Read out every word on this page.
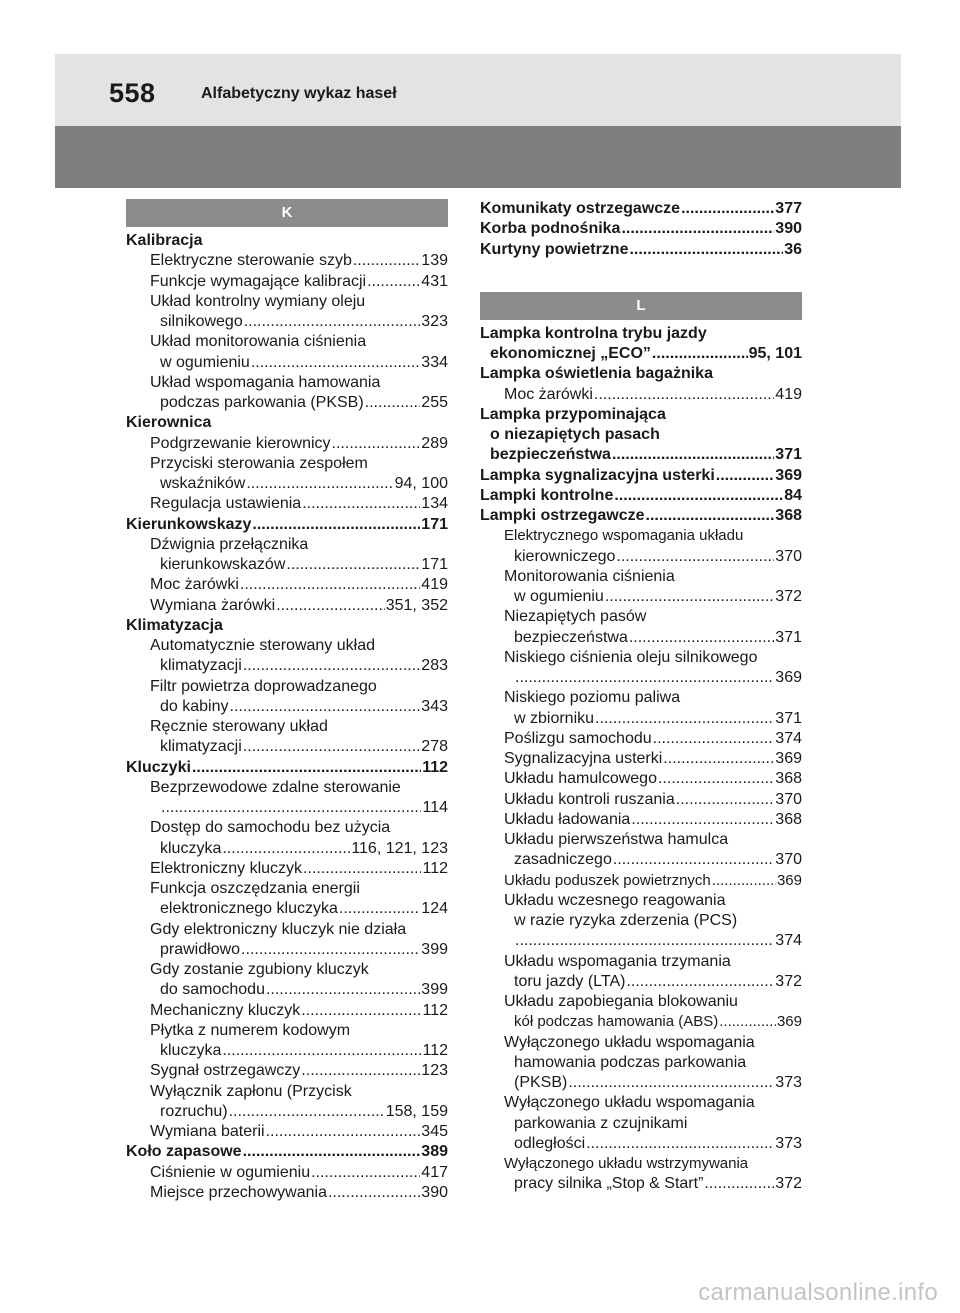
558	Alfabetyczny wykaz haseł
K
Kalibracja
Elektryczne sterowanie szyb .....	139
Funkcje wymagające kalibracji .....	431
Układ kontrolny wymiany oleju
silnikowego .....	323
Układ monitorowania ciśnienia
w ogumieniu .....	334
Układ wspomagania hamowania
podczas parkowania (PKSB) .....	255
Kierownica
Podgrzewanie kierownicy .....	289
Przyciski sterowania zespołem
wskaźników .....	94, 100
Regulacja ustawienia .....	134
Kierunkowskazy .....	171
Dźwignia przełącznika
kierunkowskazów .....	171
Moc żarówki .....	419
Wymiana żarówki .....	351, 352
Klimatyzacja
Automatycznie sterowany układ
klimatyzacji .....	283
Filtr powietrza doprowadzanego
do kabiny .....	343
Ręcznie sterowany układ
klimatyzacji .....	278
Kluczyki .....	112
Bezprzewodowe zdalne sterowanie
.....
114
Dostęp do samochodu bez użycia
kluczyka .....	116, 121, 123
Elektroniczny kluczyk .....	112
Funkcja oszczędzania energii
elektronicznego kluczyka .....	124
Gdy elektroniczny kluczyk nie działa
prawidłowo .....	399
Gdy zostanie zgubiony kluczyk
do samochodu .....	399
Mechaniczny kluczyk .....	112
Płytka z numerem kodowym
kluczyka .....	112
Sygnał ostrzegawczy .....	123
Wyłącznik zapłonu (Przycisk
rozruchu) .....	158, 159
Wymiana baterii .....	345
Koło zapasowe .....	389
Ciśnienie w ogumieniu .....	417
Miejsce przechowywania .....	390
Komunikaty ostrzegawcze .....	377
Korba podnośnika .....	390
Kurtyny powietrzne .....	36
L
Lampka kontrolna trybu jazdy
ekonomicznej „ECO” .....	95, 101
Lampka oświetlenia bagażnika
Moc żarówki .....	419
Lampka przypominająca
o niezapiętych pasach
bezpieczeństwa .....	371
Lampka sygnalizacyjna usterki .....	369
Lampki kontrolne .....	84
Lampki ostrzegawcze .....	368
Elektrycznego wspomagania układu
kierowniczego .....	370
Monitorowania ciśnienia
w ogumieniu .....	372
Niezapiętych pasów
bezpieczeństwa .....	371
Niskiego ciśnienia oleju silnikowego
.....
369
Niskiego poziomu paliwa
w zbiorniku .....	371
Poślizgu samochodu .....	374
Sygnalizacyjna usterki .....	369
Układu hamulcowego .....	368
Układu kontroli ruszania .....	370
Układu ładowania .....	368
Układu pierwszeństwa hamulca
zasadniczego .....	370
Układu poduszek powietrznych .....	369
Układu wczesnego reagowania
w razie ryzyka zderzenia (PCS)
.....
374
Układu wspomagania trzymania
toru jazdy (LTA) .....	372
Układu zapobiegania blokowaniu
kół podczas hamowania (ABS) .....	369
Wyłączonego układu wspomagania
hamowania podczas parkowania
(PKSB) .....	373
Wyłączonego układu wspomagania
parkowania z czujnikami
odległości .....	373
Wyłączonego układu wstrzymywania
pracy silnika „Stop & Start” .....	372
carmanualsonline.info
